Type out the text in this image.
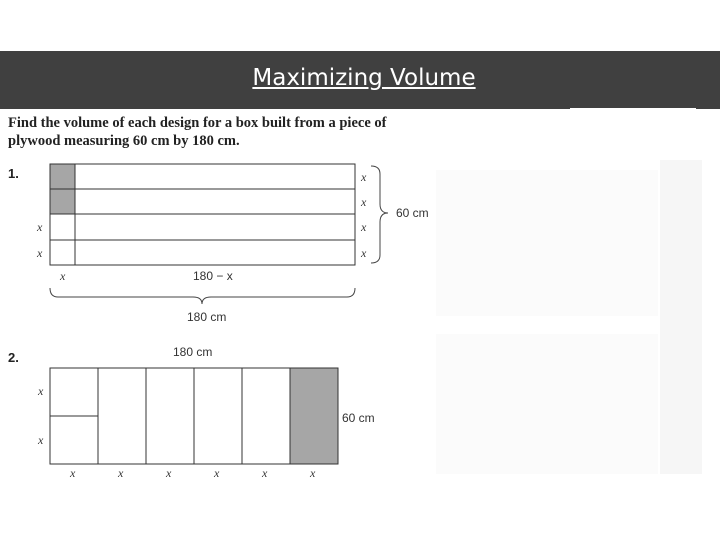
Maximizing Volume
Find the volume of each design for a box built from a piece of plywood measuring 60 cm by 180 cm.
1.
2.
x
x
x
x
x
x
60 cm
x	180 − x
180 cm
180 cm
60 cm
x
x
x	x	x	x	x	x
